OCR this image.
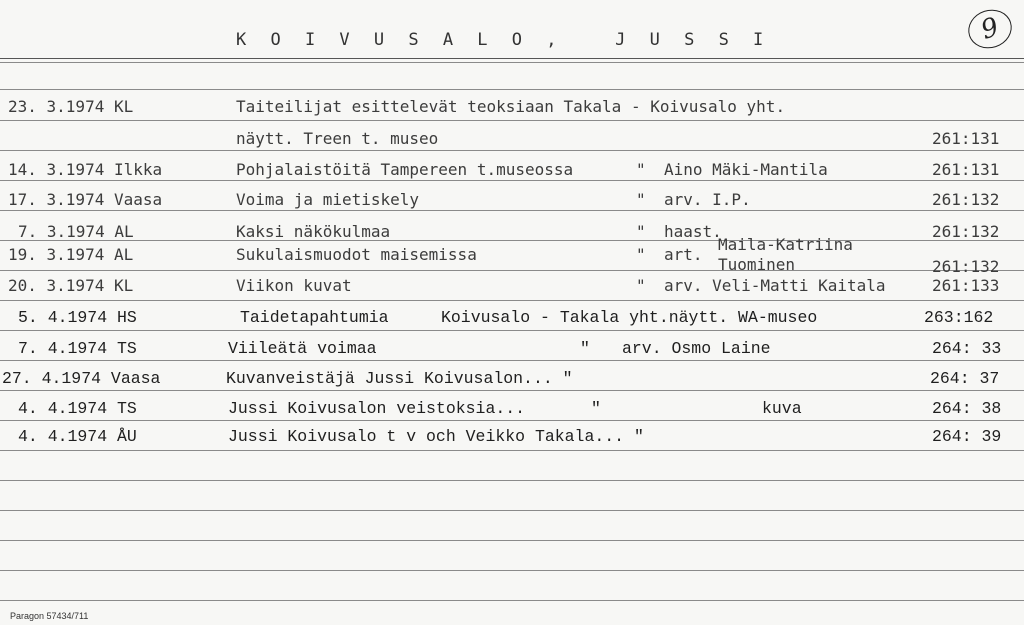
K O I V U S A L O ,   J U S S I	9
23. 3.1974 KL	Taiteilijat esittelevät teoksiaan Takala - Koivusalo yht.
näytt. Treen t. museo	261:131
14. 3.1974 Ilkka	Pohjalaistöitä Tampereen t.museossa	" Aino Mäki-Mantila	261:131
17. 3.1974 Vaasa	Voima ja mietiskely	" arv. I.P.	261:132
7. 3.1974 AL	Kaksi näkökulmaa	" haast.	261:132
19. 3.1974 AL	Sukulaismuodot maisemissa	" art.
Maila-Katriina
Tuominen	261:132
20. 3.1974 KL	Viikon kuvat	" arv. Veli-Matti Kaitala	261:133
5. 4.1974 HS	Taidetapahtumia	Koivusalo - Takala yht.näytt. WA-museo	263:162
7. 4.1974 TS	Viileätä voimaa	" arv. Osmo Laine	264: 33
27. 4.1974 Vaasa	Kuvanveistäjä Jussi Koivusalon... "	264: 37
4. 4.1974 TS	Jussi Koivusalon veistoksia...	"	kuva	264: 38
4. 4.1974 ÅU	Jussi Koivusalo t v och Veikko Takala... "	264: 39
Paragon 57434/711
